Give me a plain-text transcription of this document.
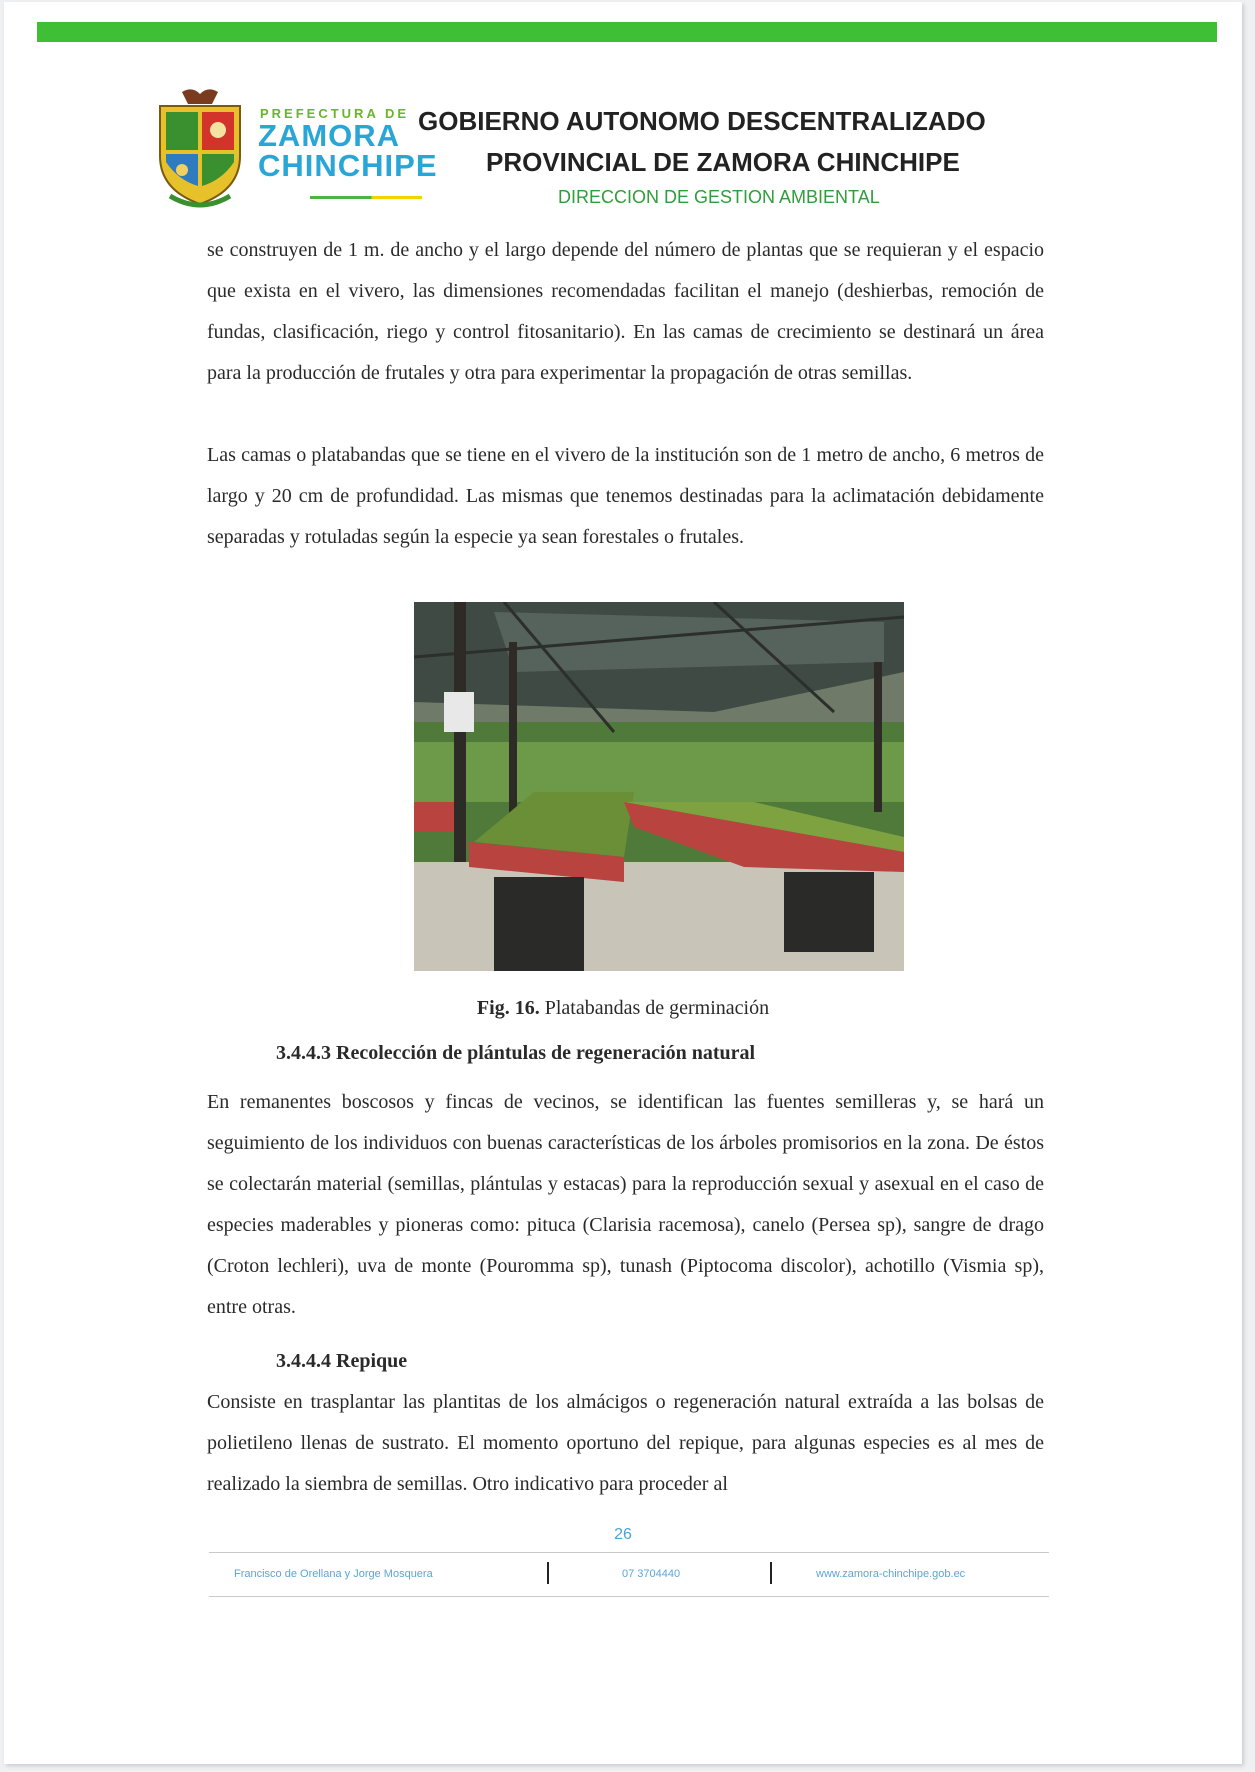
PREFECTURA DE
ZAMORA
CHINCHIPE
GOBIERNO AUTONOMO DESCENTRALIZADO
PROVINCIAL DE ZAMORA CHINCHIPE
DIRECCION DE GESTION AMBIENTAL

se construyen de 1 m. de ancho y el largo depende del número de plantas que se requieran y el espacio que exista en el vivero, las dimensiones recomendadas facilitan el manejo (deshierbas, remoción de fundas, clasificación, riego y control fitosanitario). En las camas de crecimiento se destinará un área para la producción de frutales y otra para experimentar la propagación de otras semillas.

Las camas o platabandas que se tiene en el vivero de la institución son de 1 metro de ancho, 6 metros de largo y 20 cm de profundidad. Las mismas que tenemos destinadas para la aclimatación debidamente separadas y rotuladas según la especie ya sean forestales o frutales.

Fig. 16. Platabandas de germinación
3.4.4.3 Recolección de plántulas de regeneración natural

En remanentes boscosos y fincas de vecinos, se identifican las fuentes semilleras y, se hará un seguimiento de los individuos con buenas características de los árboles promisorios en la zona. De éstos se colectarán material (semillas, plántulas y estacas) para la reproducción sexual y asexual en el caso de especies maderables y pioneras como: pituca (Clarisia racemosa), canelo (Persea sp), sangre de drago (Croton lechleri), uva de monte (Pouromma sp), tunash (Piptocoma discolor), achotillo (Vismia sp), entre otras.

3.4.4.4 Repique

Consiste en trasplantar las plantitas de los almácigos o regeneración natural extraída a las bolsas de polietileno llenas de sustrato. El momento oportuno del repique, para algunas especies es al mes de realizado la siembra de semillas. Otro indicativo para proceder al

26
Francisco de Orellana y Jorge Mosquera	07 3704440	www.zamora-chinchipe.gob.ec
